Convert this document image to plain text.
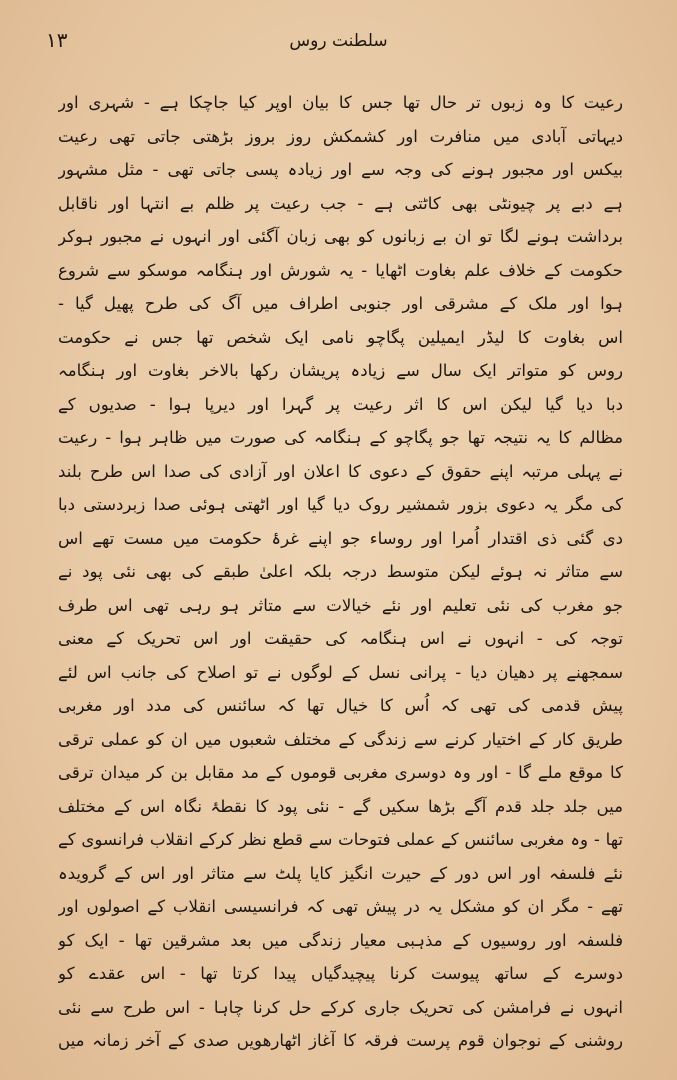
١٣	سلطنت روس
رعیت کا وہ زبوں تر حال تھا جس کا بیان اوپر کیا جاچکا ہے - شہری اور
دیہاتی آبادی میں منافرت اور کشمکش روز بروز بڑھتی جاتی تھی رعیت
بیکس اور مجبور ہونے کی وجہ سے اور زیادہ پسی جاتی تھی - مثل مشہور
ہے دبے پر چیونٹی بھی کاٹتی ہے - جب رعیت پر ظلم بے انتہا اور ناقابل
برداشت ہونے لگا تو ان بے زبانوں کو بھی زبان آگئی اور انہوں نے مجبور ہوکر
حکومت کے خلاف علم بغاوت اٹھایا - یہ شورش اور ہنگامہ موسکو سے شروع
ہوا اور ملک کے مشرقی اور جنوبی اطراف میں آگ کی طرح پھیل گیا -
اس بغاوت کا لیڈر ایمیلین پگاچو نامی ایک شخص تھا جس نے حکومت
روس کو متواتر ایک سال سے زیادہ پریشان رکھا بالاخر بغاوت اور ہنگامہ
دبا دیا گیا لیکن اس کا اثر رعیت پر گہرا اور دیرپا ہوا - صدیوں کے
مظالم کا یہ نتیجہ تھا جو پگاچو کے ہنگامہ کی صورت میں ظاہر ہوا - رعیت
نے پہلی مرتبہ اپنے حقوق کے دعوی کا اعلان اور آزادی کی صدا اس طرح بلند
کی مگر یہ دعوی بزور شمشیر روک دیا گیا اور اٹھتی ہوئی صدا زبردستی دبا
دی گئی ذی اقتدار اُمرا اور روساء جو اپنے غرۂ حکومت میں مست تھے اس
سے متاثر نہ ہوئے لیکن متوسط درجہ بلکہ اعلیٰ طبقے کی بھی نئی پود نے
جو مغرب کی نئی تعلیم اور نئے خیالات سے متاثر ہو رہی تھی اس طرف
توجہ کی - انہوں نے اس ہنگامہ کی حقیقت اور اس تحریک کے معنی
سمجھنے پر دھیان دیا - پرانی نسل کے لوگوں نے تو اصلاح کی جانب اس لئے
پیش قدمی کی تھی کہ اُس کا خیال تھا کہ سائنس کی مدد اور مغربی
طریق کار کے اختیار کرنے سے زندگی کے مختلف شعبوں میں ان کو عملی ترقی
کا موقع ملے گا - اور وہ دوسری مغربی قوموں کے مد مقابل بن کر میدان ترقی
میں جلد جلد قدم آگے بڑھا سکیں گے - نئی پود کا نقطۂ نگاہ اس کے مختلف
تھا - وہ مغربی سائنس کے عملی فتوحات سے قطع نظر کرکے انقلاب فرانسوی کے
نئے فلسفہ اور اس دور کے حیرت انگیز کایا پلٹ سے متاثر اور اس کے گرویدہ
تھے - مگر ان کو مشکل یہ در پیش تھی کہ فرانسیسی انقلاب کے اصولوں اور
فلسفہ اور روسیوں کے مذہبی معیار زندگی میں بعد مشرقین تھا - ایک کو
دوسرے کے ساتھ پیوست کرنا پیچیدگیاں پیدا کرتا تھا - اس عقدے کو
انہوں نے فرامشن کی تحریک جاری کرکے حل کرنا چاہا - اس طرح سے نئی
روشنی کے نوجوان قوم پرست فرقہ کا آغاز اٹھارھویں صدی کے آخر زمانہ میں
